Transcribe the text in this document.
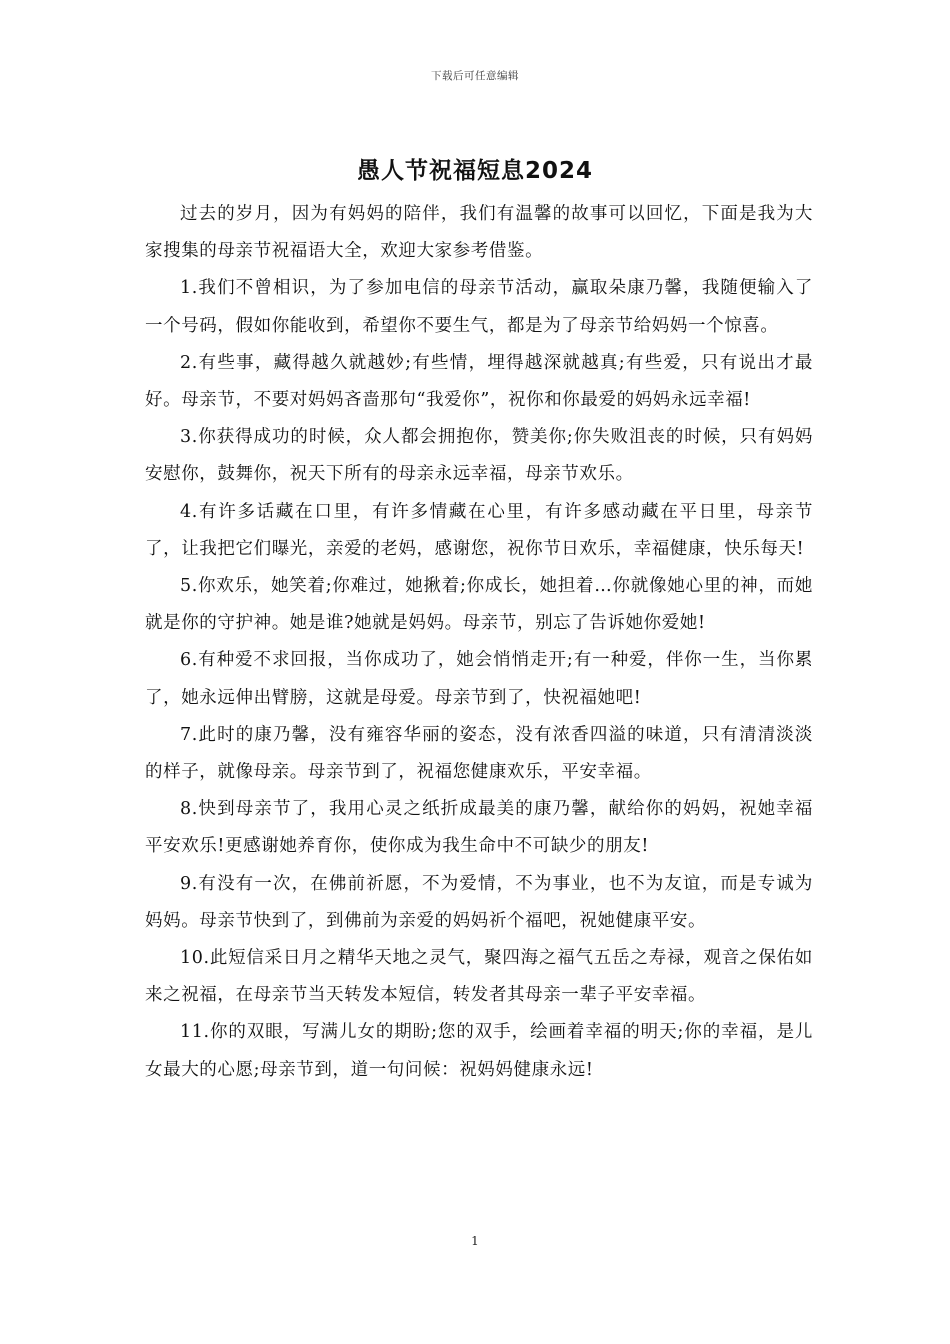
下载后可任意编辑
愚人节祝福短息2024

过去的岁月，因为有妈妈的陪伴，我们有温馨的故事可以回忆，下面是我为大家搜集的母亲节祝福语大全，欢迎大家参考借鉴。

1.我们不曾相识，为了参加电信的母亲节活动，赢取朵康乃馨，我随便输入了一个号码，假如你能收到，希望你不要生气，都是为了母亲节给妈妈一个惊喜。

2.有些事，藏得越久就越妙;有些情，埋得越深就越真;有些爱，只有说出才最好。母亲节，不要对妈妈吝啬那句“我爱你”，祝你和你最爱的妈妈永远幸福!

3.你获得成功的时候，众人都会拥抱你，赞美你;你失败沮丧的时候，只有妈妈安慰你，鼓舞你，祝天下所有的母亲永远幸福，母亲节欢乐。

4.有许多话藏在口里，有许多情藏在心里，有许多感动藏在平日里，母亲节了，让我把它们曝光，亲爱的老妈，感谢您，祝你节日欢乐，幸福健康，快乐每天!

5.你欢乐，她笑着;你难过，她揪着;你成长，她担着…你就像她心里的神，而她就是你的守护神。她是谁?她就是妈妈。母亲节，别忘了告诉她你爱她!

6.有种爱不求回报，当你成功了，她会悄悄走开;有一种爱，伴你一生，当你累了，她永远伸出臂膀，这就是母爱。母亲节到了，快祝福她吧!

7.此时的康乃馨，没有雍容华丽的姿态，没有浓香四溢的味道，只有清清淡淡的样子，就像母亲。母亲节到了，祝福您健康欢乐，平安幸福。

8.快到母亲节了，我用心灵之纸折成最美的康乃馨，献给你的妈妈，祝她幸福平安欢乐!更感谢她养育你，使你成为我生命中不可缺少的朋友!

9.有没有一次，在佛前祈愿，不为爱情，不为事业，也不为友谊，而是专诚为妈妈。母亲节快到了，到佛前为亲爱的妈妈祈个福吧，祝她健康平安。

10.此短信采日月之精华天地之灵气，聚四海之福气五岳之寿禄，观音之保佑如来之祝福，在母亲节当天转发本短信，转发者其母亲一辈子平安幸福。

11.你的双眼，写满儿女的期盼;您的双手，绘画着幸福的明天;你的幸福，是儿女最大的心愿;母亲节到，道一句问候：祝妈妈健康永远!

1
